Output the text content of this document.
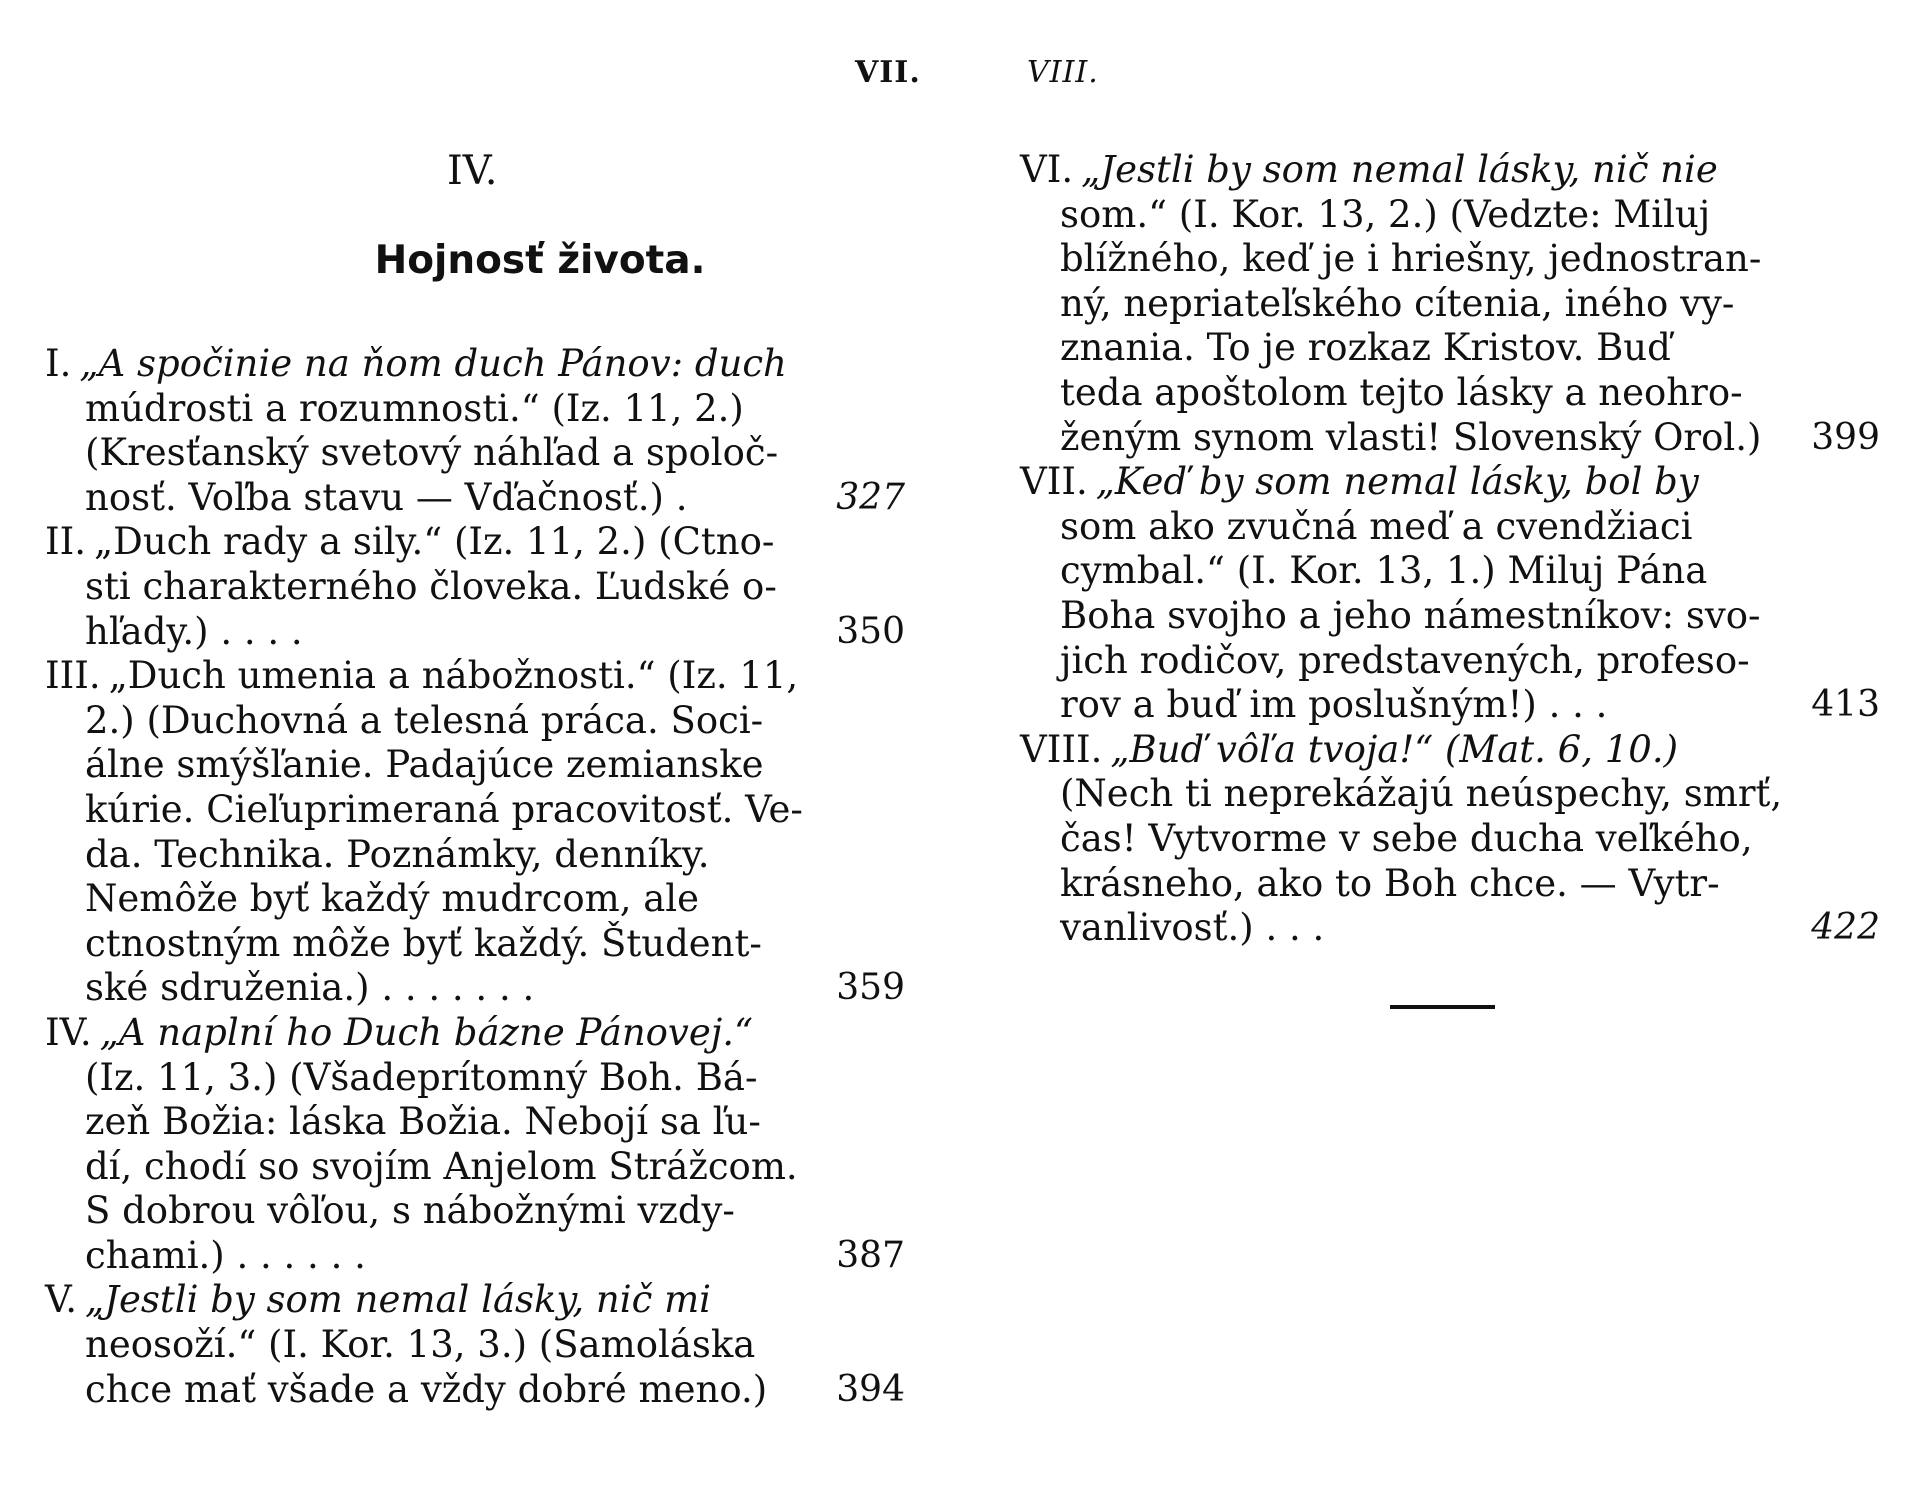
VII.	VIII.
IV.
Hojnosť života.
I. „A spočinie na ňom duch Pánov: duch
múdrosti a rozumnosti.“ (Iz. 11, 2.)
(Kresťanský svetový náhľad a spoloč-
nosť. Voľba stavu — Vďačnosť.) .	327
II. „Duch rady a sily.“ (Iz. 11, 2.) (Ctno-
sti charakterného človeka. Ľudské o-
hľady.) . . . .	350
III. „Duch umenia a nábožnosti.“ (Iz. 11,
2.) (Duchovná a telesná práca. Soci-
álne smýšľanie. Padajúce zemianske
kúrie. Cieľuprimeraná pracovitosť. Ve-
da. Technika. Poznámky, denníky.
Nemôže byť každý mudrcom, ale
ctnostným môže byť každý. Študent-
ské sdruženia.) . . . . . . .	359
IV. „A naplní ho Duch bázne Pánovej.“
(Iz. 11, 3.) (Všadeprítomný Boh. Bá-
zeň Božia: láska Božia. Nebojí sa ľu-
dí, chodí so svojím Anjelom Strážcom.
S dobrou vôľou, s nábožnými vzdy-
chami.) . . . . . .	387
V. „Jestli by som nemal lásky, nič mi
neosoží.“ (I. Kor. 13, 3.) (Samoláska
chce mať všade a vždy dobré meno.)	394
VI. „Jestli by som nemal lásky, nič nie
som.“ (I. Kor. 13, 2.) (Vedzte: Miluj
blížného, keď je i hriešny, jednostran-
ný, nepriateľského cítenia, iného vy-
znania. To je rozkaz Kristov. Buď
teda apoštolom tejto lásky a neohro-
ženým synom vlasti! Slovenský Orol.)	399
VII. „Keď by som nemal lásky, bol by
som ako zvučná meď a cvendžiaci
cymbal.“ (I. Kor. 13, 1.) Miluj Pána
Boha svojho a jeho námestníkov: svo-
jich rodičov, predstavených, profeso-
rov a buď im poslušným!) . . .	413
VIII. „Buď vôľa tvoja!“ (Mat. 6, 10.)
(Nech ti neprekážajú neúspechy, smrť,
čas! Vytvorme v sebe ducha veľkého,
krásneho, ako to Boh chce. — Vytr-
vanlivosť.) . . .	422
